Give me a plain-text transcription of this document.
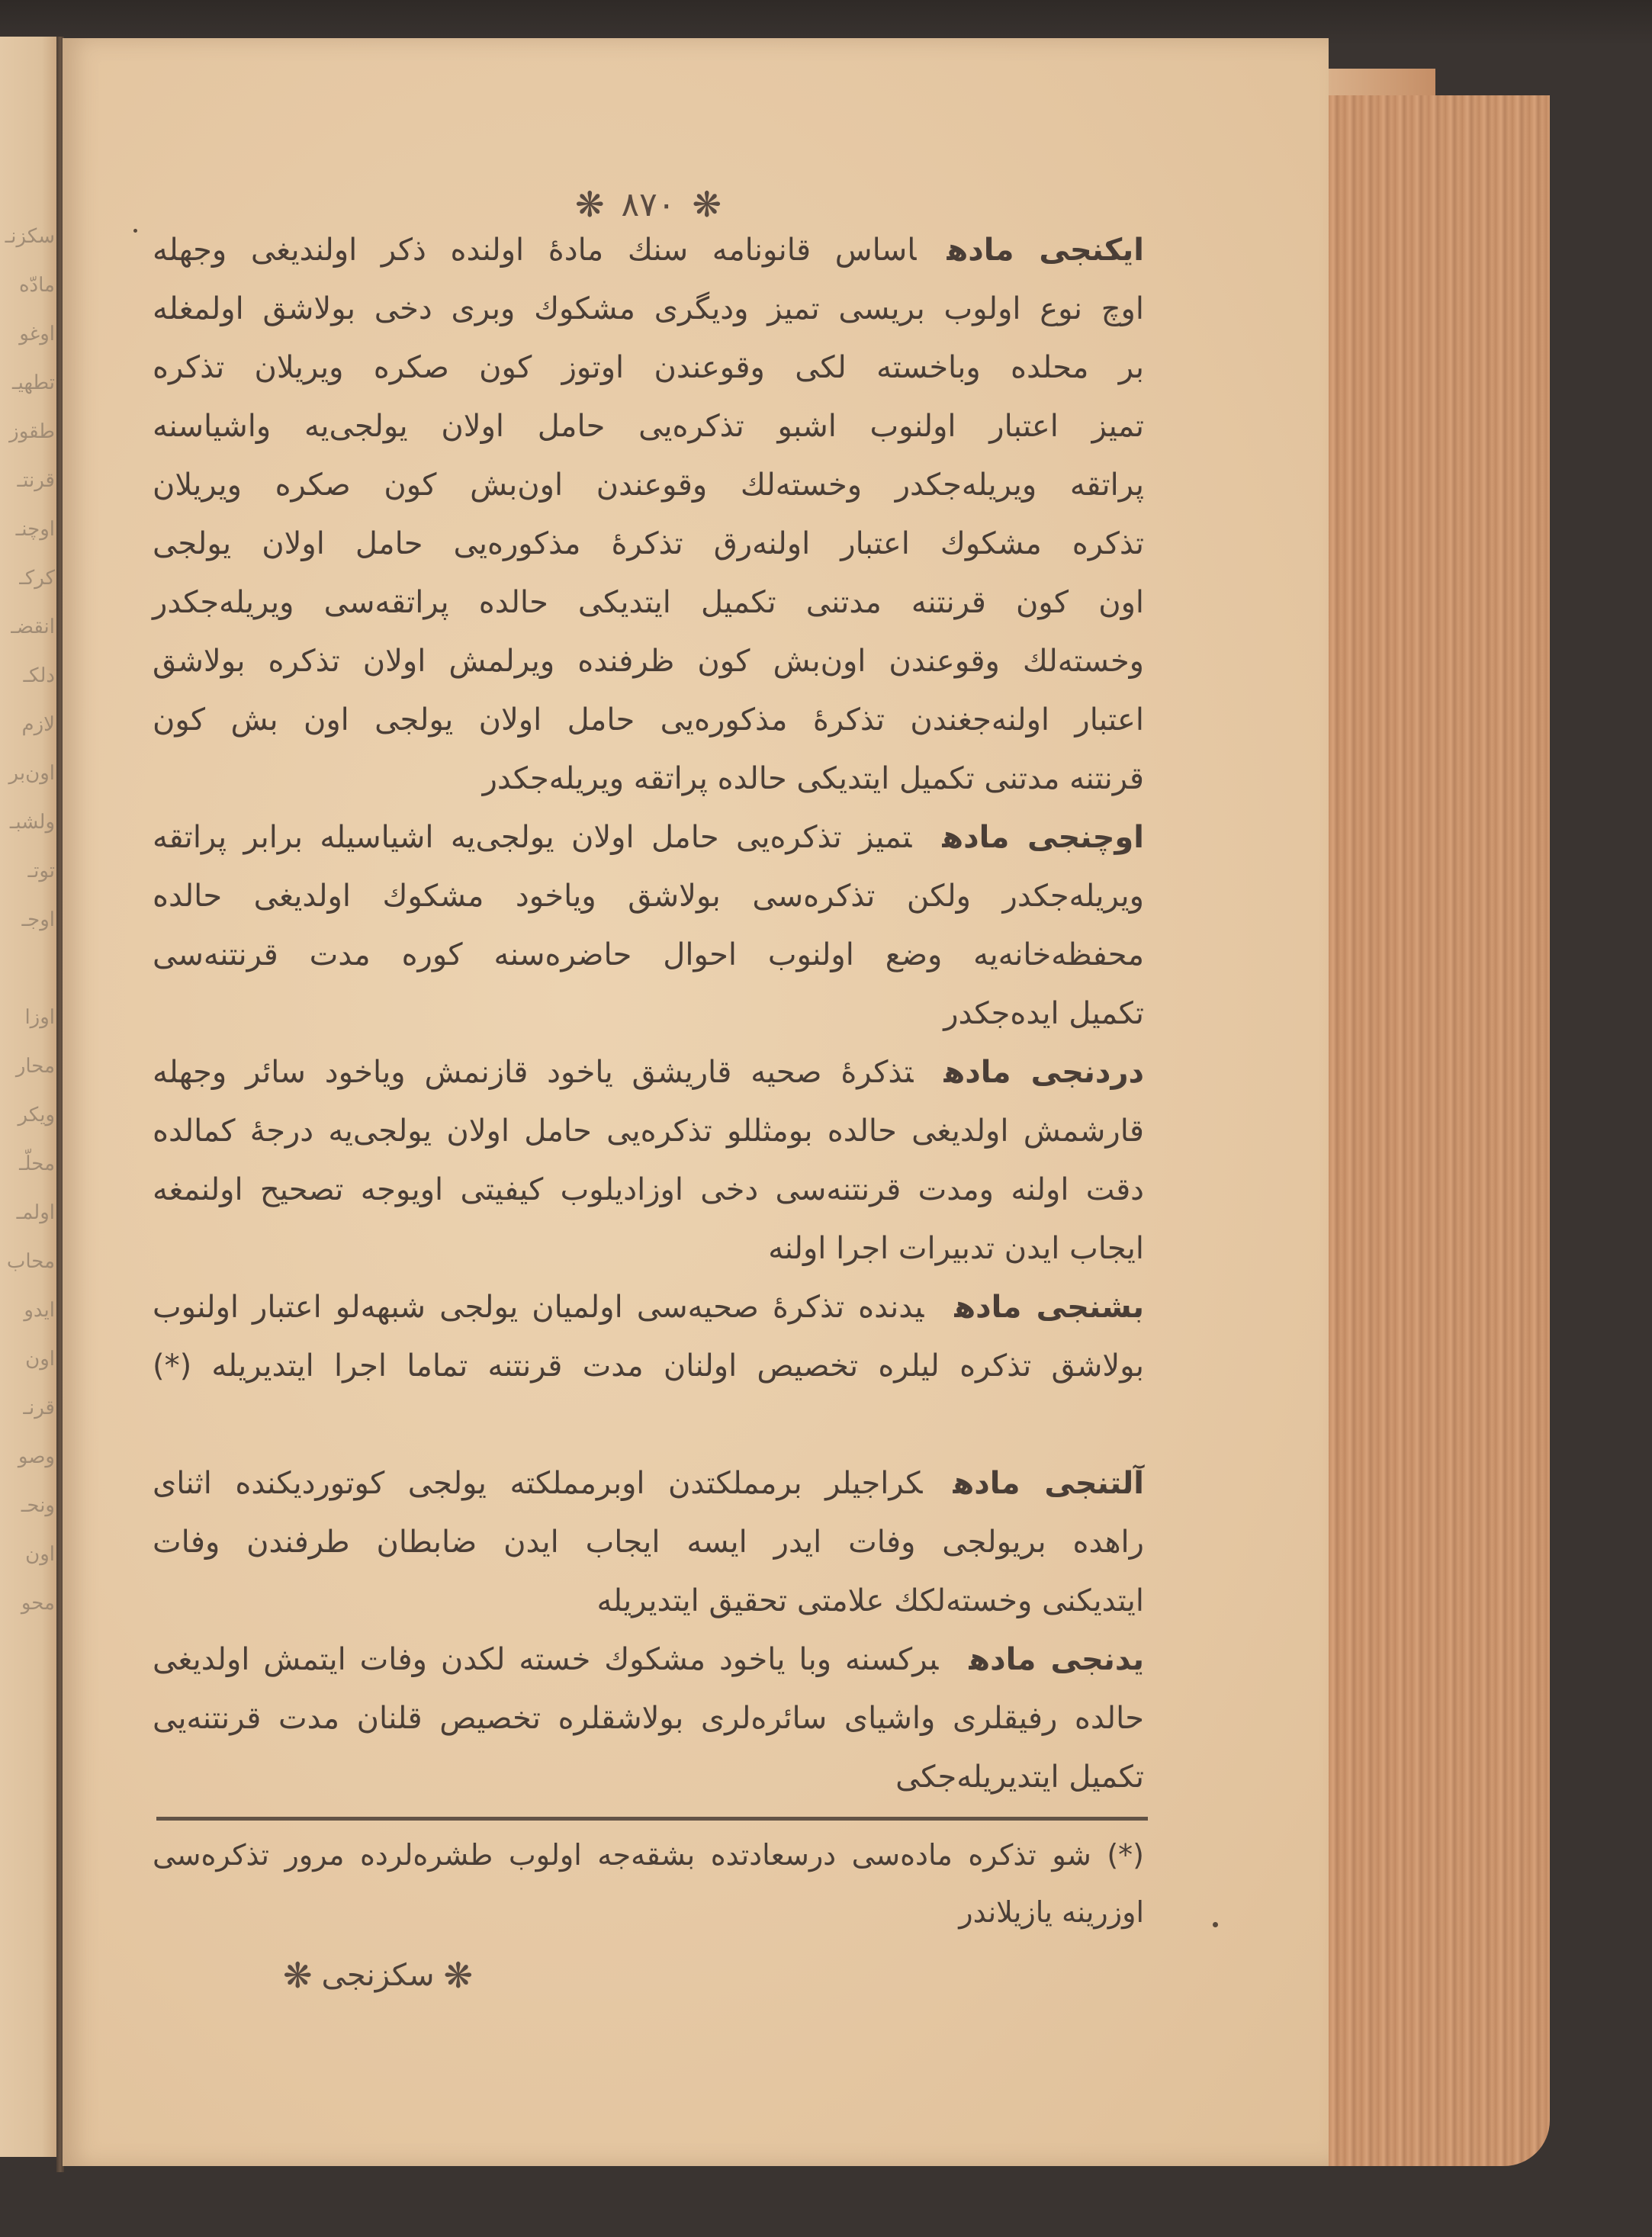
سكزنـ
مادّه
اوغو
تطهیـ
طقوز
قرنتـ
اوچنـ
كركـ
انقضـ
دلكـ
لازم
اون‌بر
ولشبـ
توتـ
اوجـ
اوزا
محار
ویكر
محلّـ
اولمـ
محاب
ایدو
اون
قرنـ
وصو
ونحـ
اون
محو
❋ ٨٧٠ ❋
ایكنجی مادهاساس قانونامه سنك مادهٔ اولنده ذكر اولندیغی وجهله
اوچ نوع اولوب بریسی تمیز ودیگری مشكوك وبری دخی بولاشق اولمغله
بر محلده وباخسته لكی وقوعندن اوتوز كون صكره ویریلان تذكره
تمیز اعتبار اولنوب اشبو تذكره‌یی حامل اولان یولجی‌یه واشیاسنه
پراتقه ویریله‌جكدر وخسته‌لك وقوعندن اون‌بش كون صكره ویریلان
تذكره مشكوك اعتبار اولنه‌رق تذكرهٔ مذكوره‌یی حامل اولان یولجی
اون كون قرنتنه مدتنی تكمیل ایتدیكی حالده پراتقه‌سی ویریله‌جكدر
وخسته‌لك وقوعندن اون‌بش كون ظرفنده ویرلمش اولان تذكره بولاشق
اعتبار اولنه‌جغندن تذكرهٔ مذكوره‌یی حامل اولان یولجی اون بش كون
قرنتنه مدتنی تكمیل ایتدیكی حالده پراتقه ویریله‌جكدر
اوچنجی مادهتمیز تذكره‌یی حامل اولان یولجی‌یه اشیاسیله برابر پراتقه
ویریله‌جكدر ولكن تذكره‌سی بولاشق ویاخود مشكوك اولدیغی حالده
محفظه‌خانه‌یه وضع اولنوب احوال حاضره‌سنه كوره مدت قرنتنه‌سی
تكمیل ایده‌جكدر
دردنجی مادهتذكرهٔ صحیه قاریشق یاخود قازنمش ویاخود سائر وجهله
قارشمش اولدیغی حالده بومثللو تذكره‌یی حامل اولان یولجی‌یه درجهٔ كمالده
دقت اولنه ومدت قرنتنه‌سی دخی اوزادیلوب كیفیتی اویوجه تصحیح اولنمغه
ایجاب ایدن تدبیرات اجرا اولنه
بشنجی مادهیدنده تذكرهٔ صحیه‌سی اولمیان یولجی شبهه‌لو اعتبار اولنوب
بولاشق تذكره لیلره تخصیص اولنان مدت قرنتنه تماما اجرا ایتدیریله (*)
آلتنجی مادهكراجیلر برمملكتدن اوبرمملكته یولجی كوتوردیكنده اثنای
راهده بریولجی وفات ایدر ایسه ایجاب ایدن ضابطان طرفندن وفات
ایتدیكنی وخسته‌لكك علامتی تحقیق ایتدیریله
یدنجی مادهبركسنه وبا یاخود مشكوك خسته لكدن وفات ایتمش اولدیغی
حالده رفیقلری واشیای سائره‌لری بولاشقلره تخصیص قلنان مدت قرنتنه‌یی
تكمیل ایتدیریله‌جكی
(*) شو تذكره ماده‌سی درسعادتده بشقه‌جه اولوب طشره‌لرده مرور تذكره‌سی
اوزرینه یازیلاندر
❋
سكزنجی
❋
